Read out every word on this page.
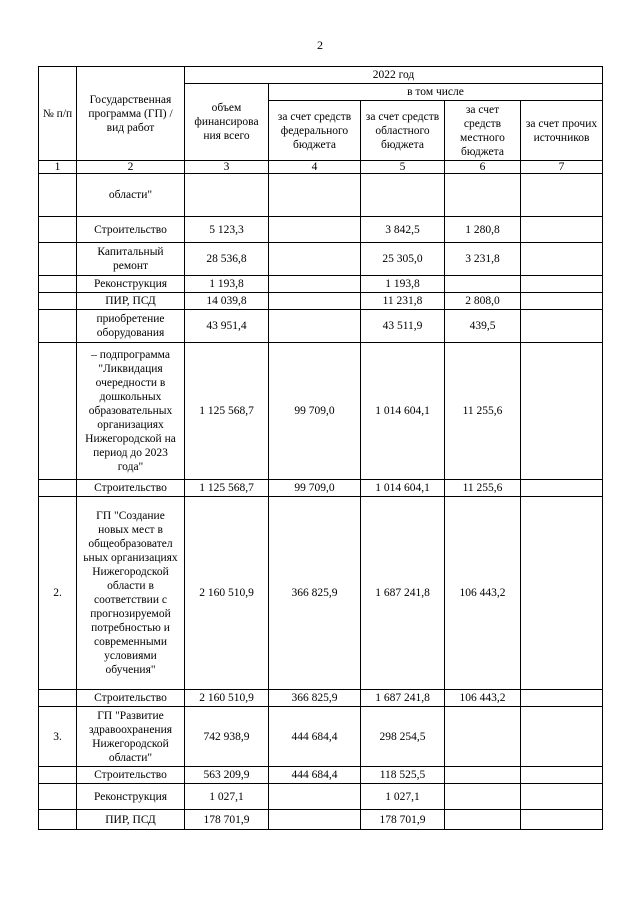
2
№ п/п	Государственная программа (ГП) / вид работ	2022 год				
		объем финансирова ния всего	в том числе			
			за счет средств федерального бюджета	за счет средств областного бюджета	за счет средств местного бюджета	за счет прочих источников
1	2	3	4	5	6	7
	области"					
	Строительство	5 123,3		3 842,5	1 280,8	
	Капитальный ремонт	28 536,8		25 305,0	3 231,8	
	Реконструкция	1 193,8		1 193,8		
	ПИР, ПСД	14 039,8		11 231,8	2 808,0	
	приобретение оборудования	43 951,4		43 511,9	439,5	
	– подпрограмма "Ликвидация очередности в дошкольных образовательных организациях Нижегородской на период до 2023 года"	1 125 568,7	99 709,0	1 014 604,1	11 255,6	
	Строительство	1 125 568,7	99 709,0	1 014 604,1	11 255,6	
2.	ГП "Создание новых мест в общеобразовател ьных организациях Нижегородской области в соответствии с прогнозируемой потребностью и современными условиями обучения"	2 160 510,9	366 825,9	1 687 241,8	106 443,2	
	Строительство	2 160 510,9	366 825,9	1 687 241,8	106 443,2	
3.	ГП "Развитие здравоохранения Нижегородской области"	742 938,9	444 684,4	298 254,5		
	Строительство	563 209,9	444 684,4	118 525,5		
	Реконструкция	1 027,1		1 027,1		
	ПИР, ПСД	178 701,9		178 701,9		
